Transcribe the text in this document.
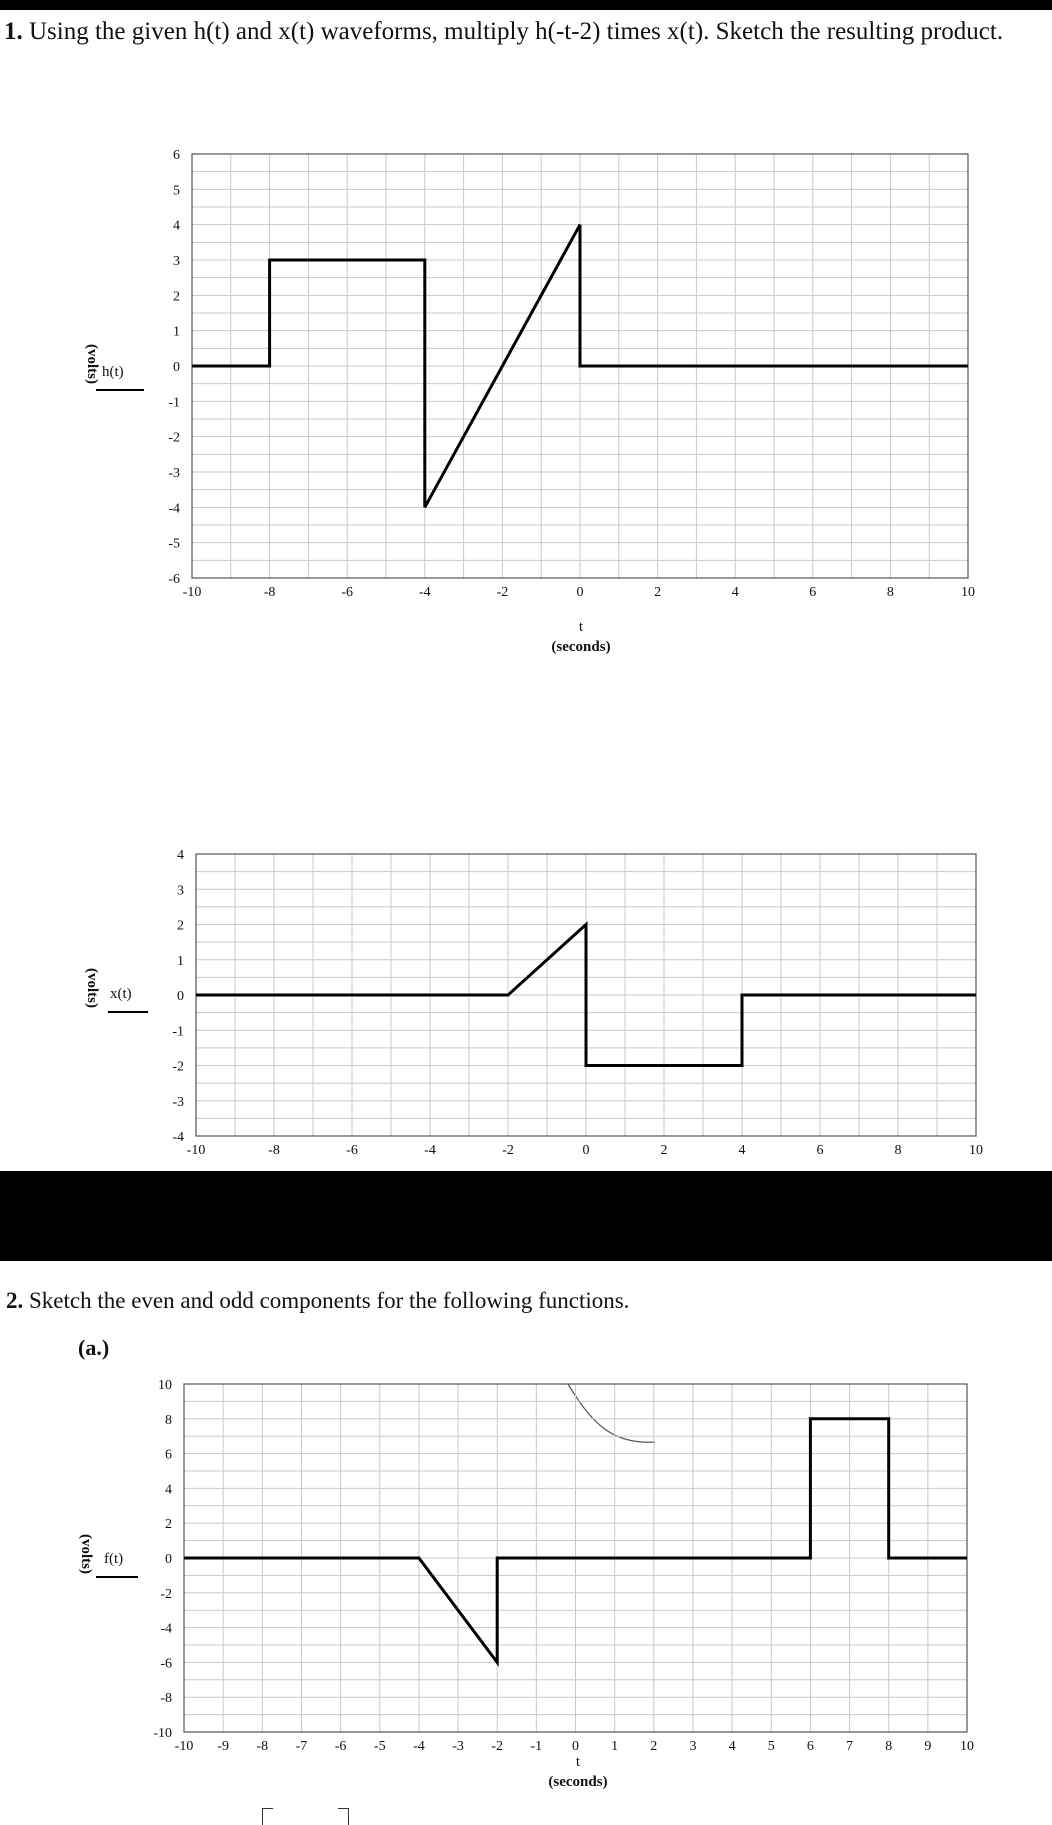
1. Using the given h(t) and x(t) waveforms, multiply h(-t-2) times x(t). Sketch the resulting product.
(volts) h(t)
t
(seconds)
-10	-8	-6	-4	-2	0	2	4	6	8	10
6
5
4
3
2
1
0
-1
-2
-3
-4
-5
-6
(volts) x(t)
-10	-8	-6	-4	-2	0	2	4	6	8	10
4
3
2
1
0
-1
-2
-3
-4
2. Sketch the even and odd components for the following functions.
(a.)
(volts) f(t)
t
(seconds)
-10 -9 -8 -7 -6 -5 -4 -3 -2 -1 0 1 2 3 4 5 6 7 8 9 10
10
8
6
4
2
0
-2
-4
-6
-8
-10
